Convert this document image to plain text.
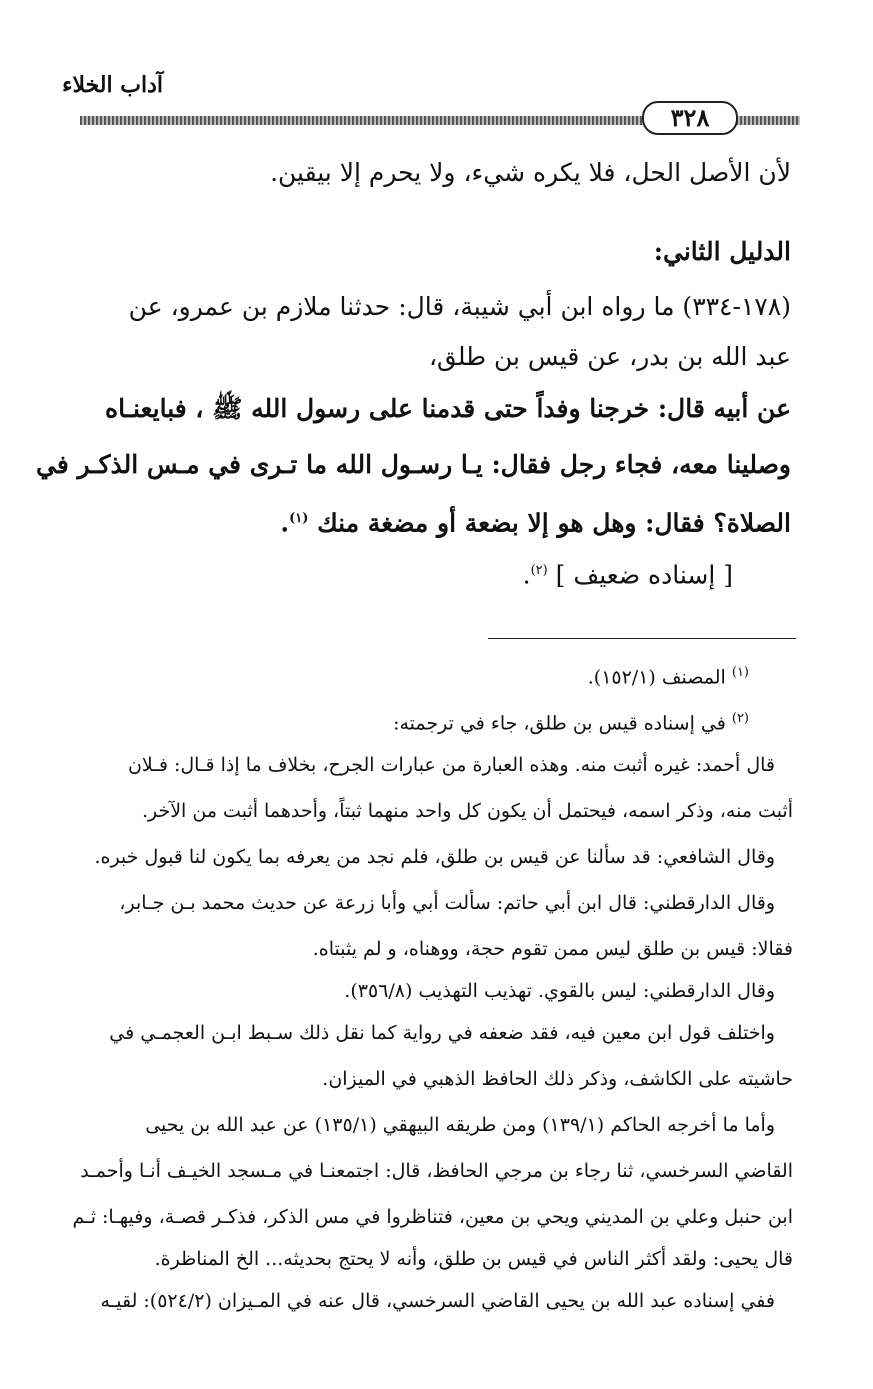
آداب الخلاء
٣٢٨
لأن الأصل الحل، فلا يكره شيء، ولا يحرم إلا بيقين.
الدليل الثاني:
(١٧٨-٣٣٤) ما رواه ابن أبي شيبة، قال: حدثنا ملازم بن عمرو، عن
عبد الله بن بدر، عن قيس بن طلق،
عن أبيه قال: خرجنا وفداً حتى قدمنا على رسول الله ﷺ ، فبايعنـاه
وصلينا معه، فجاء رجل فقال: يـا رسـول الله ما تـرى في مـس الذكـر في
الصلاة؟ فقال: وهل هو إلا بضعة أو مضغة منك $^{(١)}$.
[ إسناده ضعيف ] $^{(٢)}$.
$^{(١)}$ المصنف (١٥٢/١).
$^{(٢)}$ في إسناده قيس بن طلق، جاء في ترجمته:
قال أحمد: غيره أثبت منه. وهذه العبارة من عبارات الجرح، بخلاف ما إذا قـال: فـلان
أثبت منه، وذكر اسمه، فيحتمل أن يكون كل واحد منهما ثبتاً، وأحدهما أثبت من الآخر.
وقال الشافعي: قد سألنا عن قيس بن طلق، فلم نجد من يعرفه بما يكون لنا قبول خبره.
وقال الدارقطني: قال ابن أبي حاتم: سألت أبي وأبا زرعة عن حديث محمد بـن جـابر،
فقالا: قيس بن طلق ليس ممن تقوم حجة، ووهناه، و لم يثبتاه.
وقال الدارقطني: ليس بالقوي. تهذيب التهذيب (٣٥٦/٨).
واختلف قول ابن معين فيه، فقد ضعفه في رواية كما نقل ذلك سـبط ابـن العجمـي في
حاشيته على الكاشف، وذكر ذلك الحافظ الذهبي في الميزان.
وأما ما أخرجه الحاكم (١٣٩/١) ومن طريقه البيهقي (١٣٥/١) عن عبد الله بن يحيى
القاضي السرخسي، ثنا رجاء بن مرجي الحافظ، قال: اجتمعنـا في مـسجد الخيـف أنـا وأحمـد
ابن حنبل وعلي بن المديني ويحي بن معين، فتناظروا في مس الذكر، فذكـر قصـة، وفيهـا: ثـم
قال يحيى: ولقد أكثر الناس في قيس بن طلق، وأنه لا يحتج بحديثه... الخ المناظرة.
ففي إسناده عبد الله بن يحيى القاضي السرخسي، قال عنه في المـيزان (٥٢٤/٢): لقيـه
